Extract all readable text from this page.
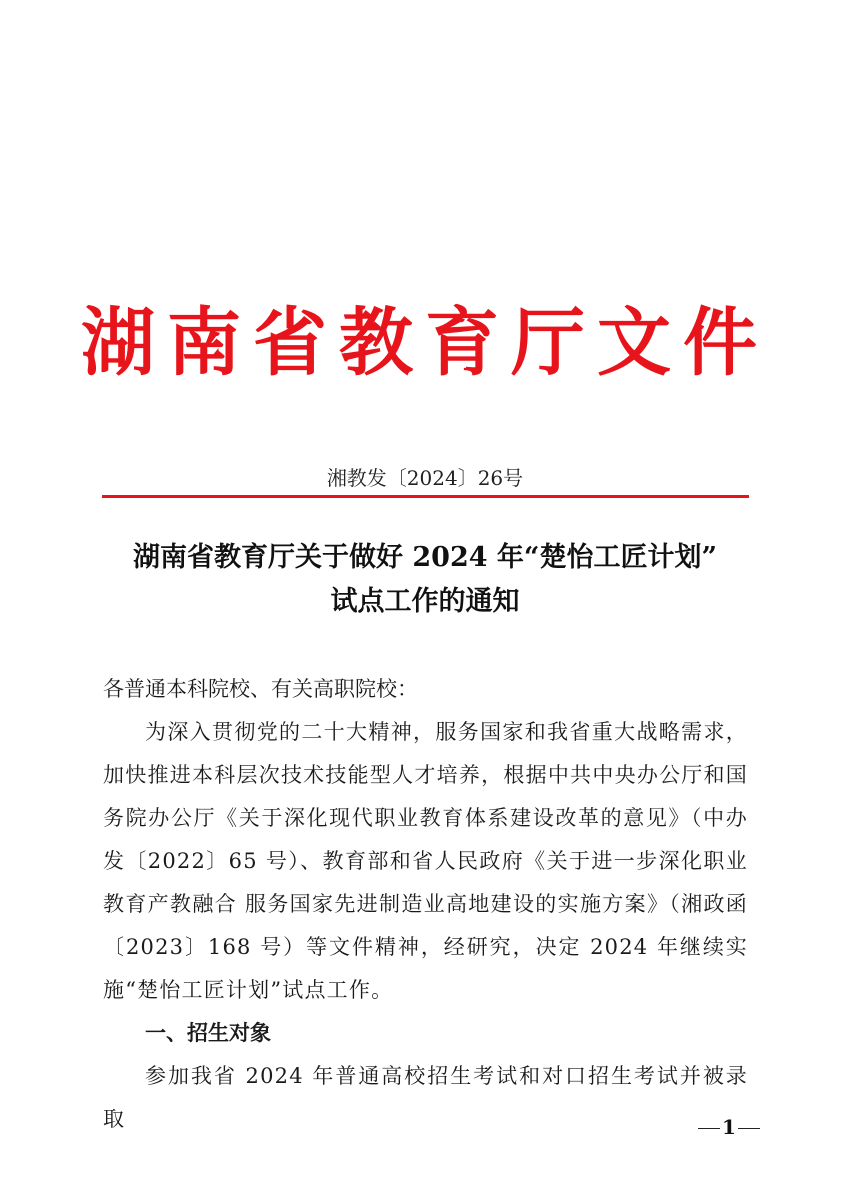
湖南省教育厅文件
湘教发〔2024〕26号
湖南省教育厅关于做好 2024 年“楚怡工匠计划”
试点工作的通知

各普通本科院校、有关高职院校：

为深入贯彻党的二十大精神，服务国家和我省重大战略需求，加快推进本科层次技术技能型人才培养，根据中共中央办公厅和国务院办公厅《关于深化现代职业教育体系建设改革的意见》（中办发〔2022〕65 号）、教育部和省人民政府《关于进一步深化职业教育产教融合 服务国家先进制造业高地建设的实施方案》（湘政函〔2023〕168 号）等文件精神，经研究，决定 2024 年继续实施“楚怡工匠计划”试点工作。

一、招生对象

参加我省 2024 年普通高校招生考试和对口招生考试并被录取	1
